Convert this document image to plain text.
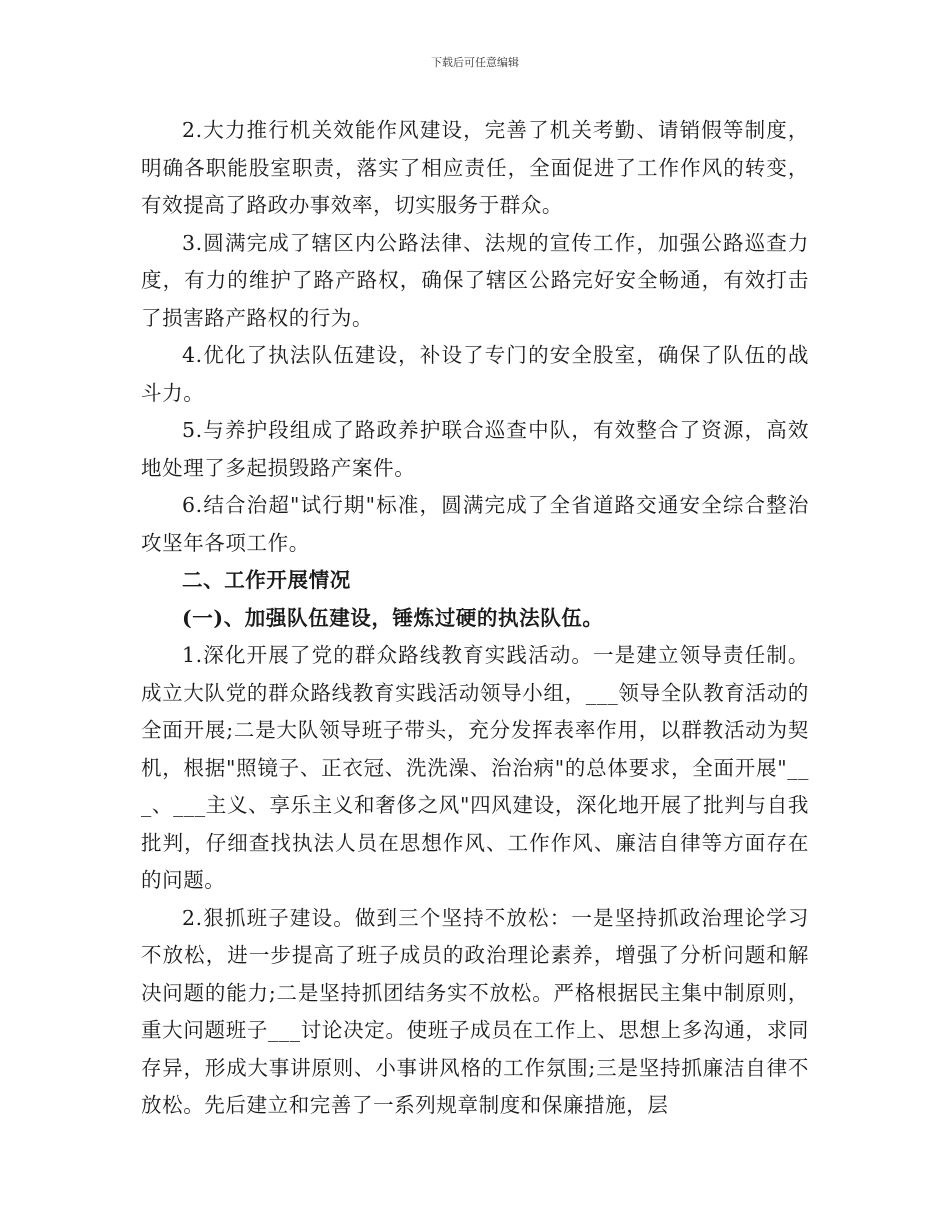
下载后可任意编辑

2.大力推行机关效能作风建设，完善了机关考勤、请销假等制度，明确各职能股室职责，落实了相应责任，全面促进了工作作风的转变，有效提高了路政办事效率，切实服务于群众。

3.圆满完成了辖区内公路法律、法规的宣传工作，加强公路巡查力度，有力的维护了路产路权，确保了辖区公路完好安全畅通，有效打击了损害路产路权的行为。

4.优化了执法队伍建设，补设了专门的安全股室，确保了队伍的战斗力。

5.与养护段组成了路政养护联合巡查中队，有效整合了资源，高效地处理了多起损毁路产案件。

6.结合治超"试行期"标准，圆满完成了全省道路交通安全综合整治攻坚年各项工作。

二、工作开展情况

(一)、加强队伍建设，锤炼过硬的执法队伍。

1.深化开展了党的群众路线教育实践活动。一是建立领导责任制。成立大队党的群众路线教育实践活动领导小组，___领导全队教育活动的全面开展;二是大队领导班子带头，充分发挥表率作用，以群教活动为契机，根据"照镜子、正衣冠、洗洗澡、治治病"的总体要求，全面开展"___、___主义、享乐主义和奢侈之风"四风建设，深化地开展了批判与自我批判，仔细查找执法人员在思想作风、工作作风、廉洁自律等方面存在的问题。

2.狠抓班子建设。做到三个坚持不放松：一是坚持抓政治理论学习不放松，进一步提高了班子成员的政治理论素养，增强了分析问题和解决问题的能力;二是坚持抓团结务实不放松。严格根据民主集中制原则，重大问题班子___讨论决定。使班子成员在工作上、思想上多沟通，求同存异，形成大事讲原则、小事讲风格的工作氛围;三是坚持抓廉洁自律不放松。先后建立和完善了一系列规章制度和保廉措施，层
